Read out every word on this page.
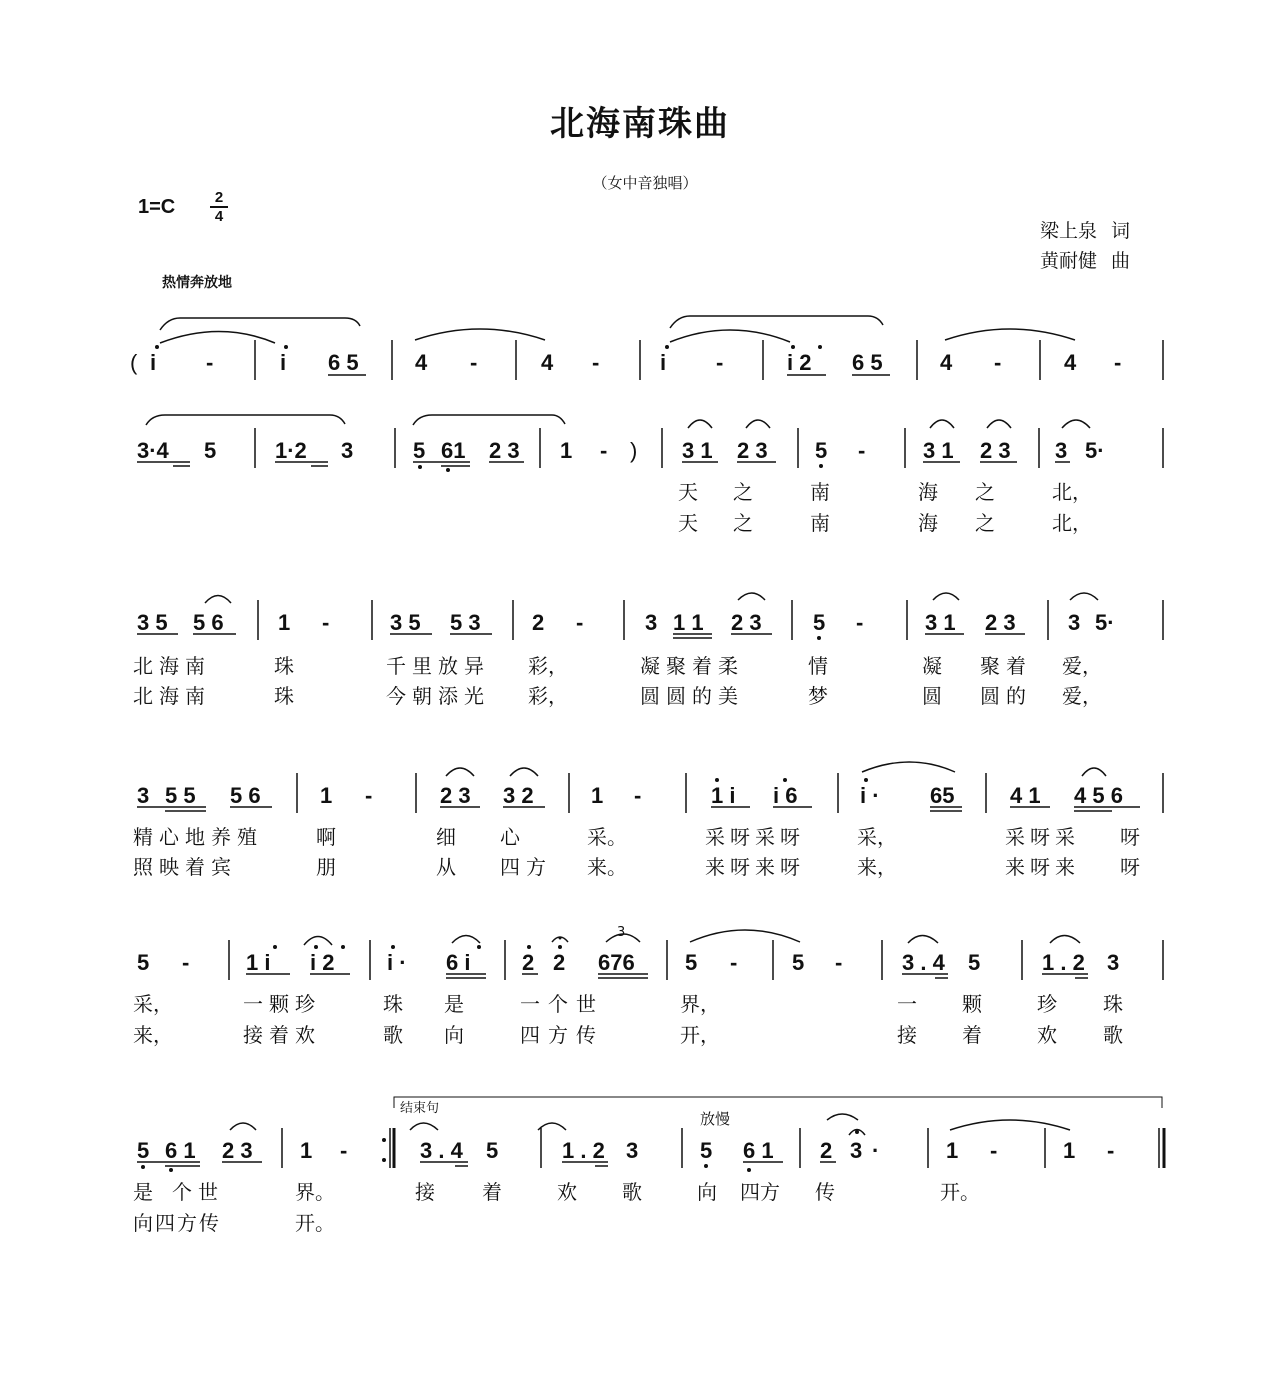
北海南珠曲
（女中音独唱）
1=C	2
4
梁上泉 词
黄耐健 曲
热情奔放地
( i -	i 6 5	4 -	4 -	i -	i 2 6 5	4 -	4 -
3·4 5	1·2 3	5 61 2 3 1 - ) 3 1 2 3 5 -	3 1 2 3 3 5·
3 5 5 6 1 -	3 5 5 3 2 -	3 1 1 2 3 5 -	3 1 2 3 3 5·
3 5 5 5 6	1 -	2 3 3 2	1 -	1 i i 6	i · 65	4 1 4 5 6
5 -	1 i i 2 i · 6 i 2 2 676 5 - 5 -	3 . 4 5	1 . 2 3
5 6 1 2 3 1 -	3 . 4 5	1 . 2 3	5 6 1 2 3 ·	1 -	1 -
3
结束句
放慢
天 之	南	海 之	北，
天 之	南	海 之	北，
北海南	珠	千里放异 彩，	凝聚着柔	情	凝 聚着 爱，
北海南	珠	今朝添光 彩，	圆圆的美	梦	圆 圆的 爱，
精心地养殖	啊	细 心	采。	采呀采呀	采，	采呀采 呀
照映着宾	朋	从 四方 来。	来呀来呀	来，	来呀来 呀
采，	一颗珍	珠 是	一个世	界，	一 颗	珍 珠
来，	接着欢	歌 向	四方传	开，	接 着	欢 歌
是 个世	界。	接 着	欢 歌	向 四方 传	开。
向四方传	开。
